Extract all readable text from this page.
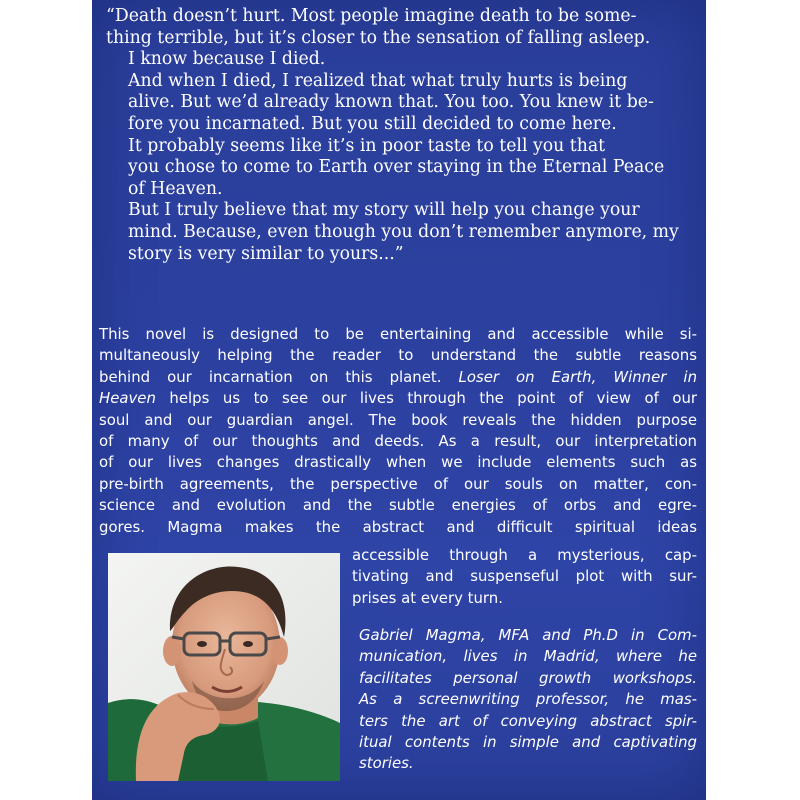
“Death doesn’t hurt. Most people imagine death to be some-
thing terrible, but it’s closer to the sensation of falling asleep.

I know because I died.

And when I died, I realized that what truly hurts is being
alive. But we’d already known that. You too. You knew it be-
fore you incarnated. But you still decided to come here.

It probably seems like it’s in poor taste to tell you that
you chose to come to Earth over staying in the Eternal Peace
of Heaven.

But I truly believe that my story will help you change your
mind. Because, even though you don’t remember anymore, my
story is very similar to yours...”

This novel is designed to be entertaining and accessible while si-
multaneously helping the reader to understand the subtle reasons
behind our incarnation on this planet. Loser on Earth, Winner in
Heaven helps us to see our lives through the point of view of our
soul and our guardian angel. The book reveals the hidden purpose
of many of our thoughts and deeds. As a result, our interpretation
of our lives changes drastically when we include elements such as
pre-birth agreements, the perspective of our souls on matter, con-
science and evolution and the subtle energies of orbs and egre-
gores. Magma makes the abstract and difficult spiritual ideas
accessible through a mysterious, cap-
tivating and suspenseful plot with sur-
prises at every turn.
Gabriel Magma, MFA and Ph.D in Com-
munication, lives in Madrid, where he
facilitates personal growth workshops.
As a screenwriting professor, he mas-
ters the art of conveying abstract spir-
itual contents in simple and captivating
stories.
